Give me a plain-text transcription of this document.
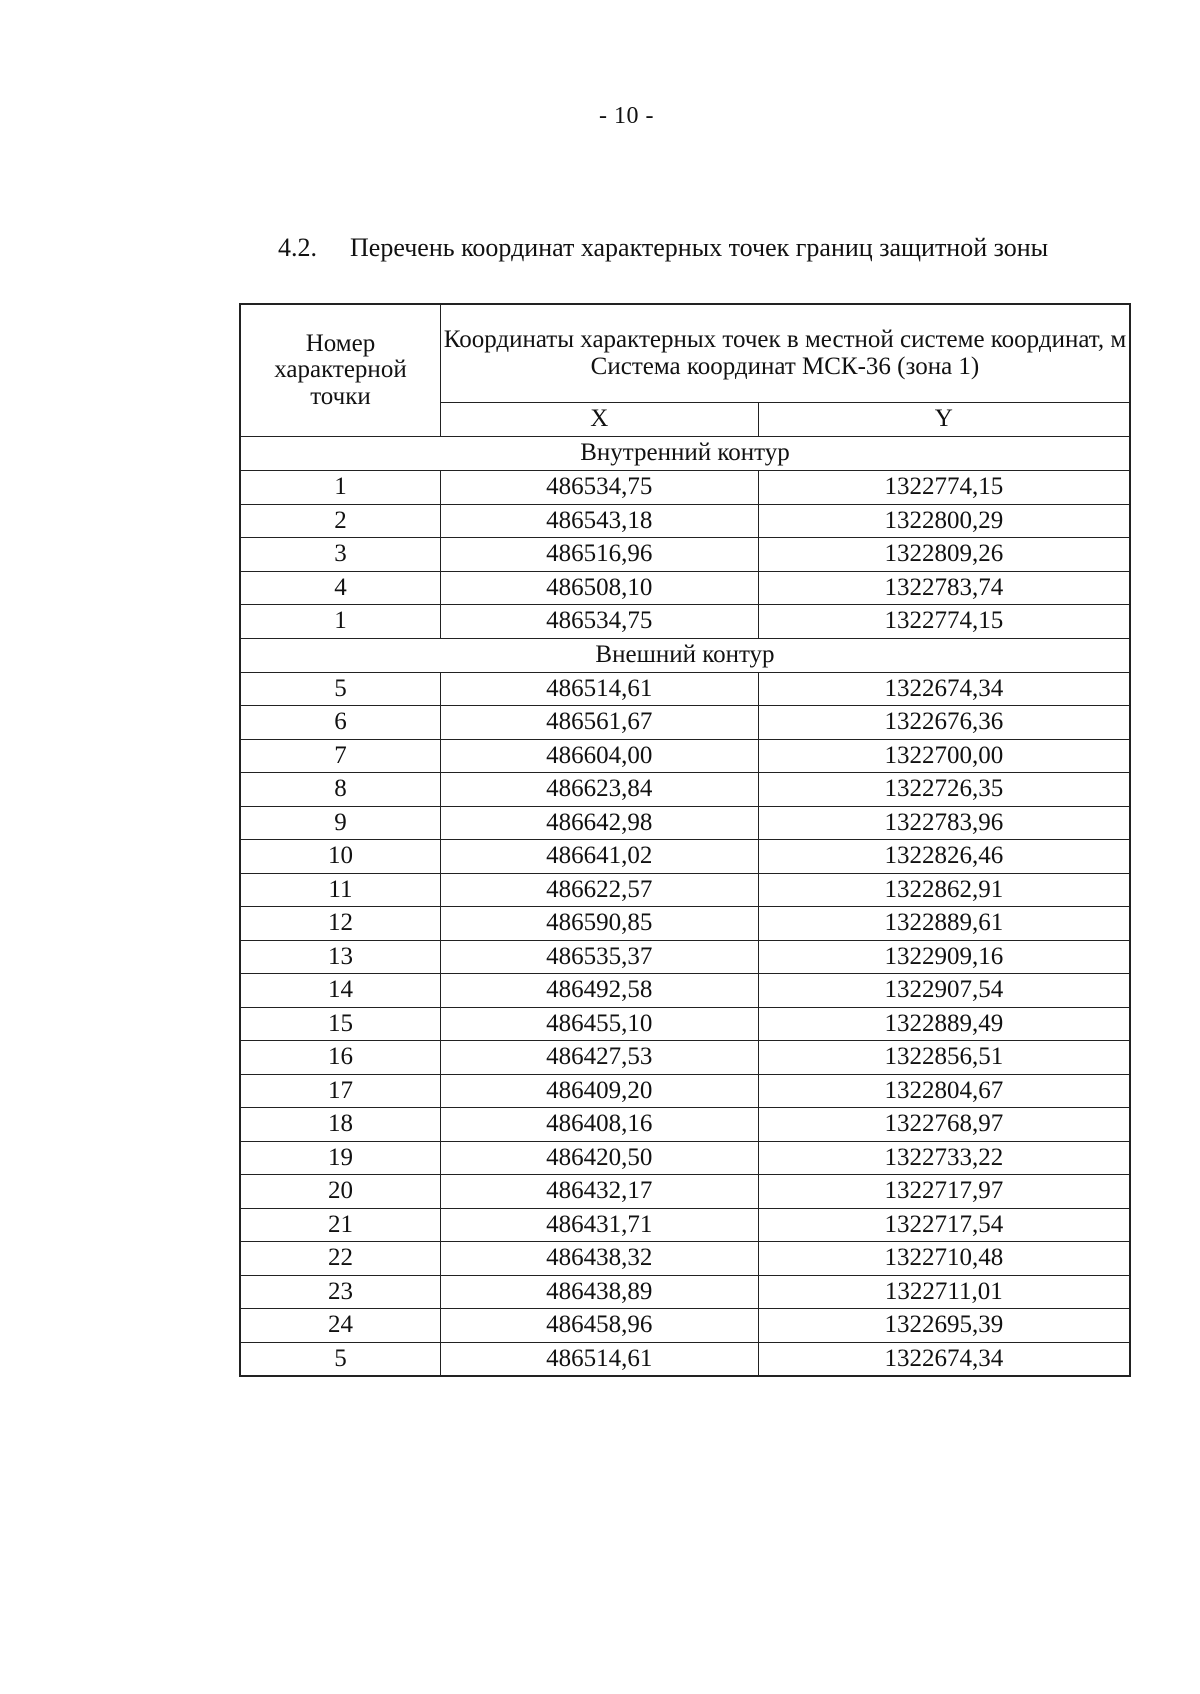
- 10 -
4.2. Перечень координат характерных точек границ защитной зоны
Номер характерной точки	Координаты характерных точек в местной системе координат, м
Система координат МСК-36 (зона 1)	

	X	Y
Внутренний контур		
1	486534,75	1322774,15
2	486543,18	1322800,29
3	486516,96	1322809,26
4	486508,10	1322783,74
1	486534,75	1322774,15
Внешний контур		
5	486514,61	1322674,34
6	486561,67	1322676,36
7	486604,00	1322700,00
8	486623,84	1322726,35
9	486642,98	1322783,96
10	486641,02	1322826,46
11	486622,57	1322862,91
12	486590,85	1322889,61
13	486535,37	1322909,16
14	486492,58	1322907,54
15	486455,10	1322889,49
16	486427,53	1322856,51
17	486409,20	1322804,67
18	486408,16	1322768,97
19	486420,50	1322733,22
20	486432,17	1322717,97
21	486431,71	1322717,54
22	486438,32	1322710,48
23	486438,89	1322711,01
24	486458,96	1322695,39
5	486514,61	1322674,34
